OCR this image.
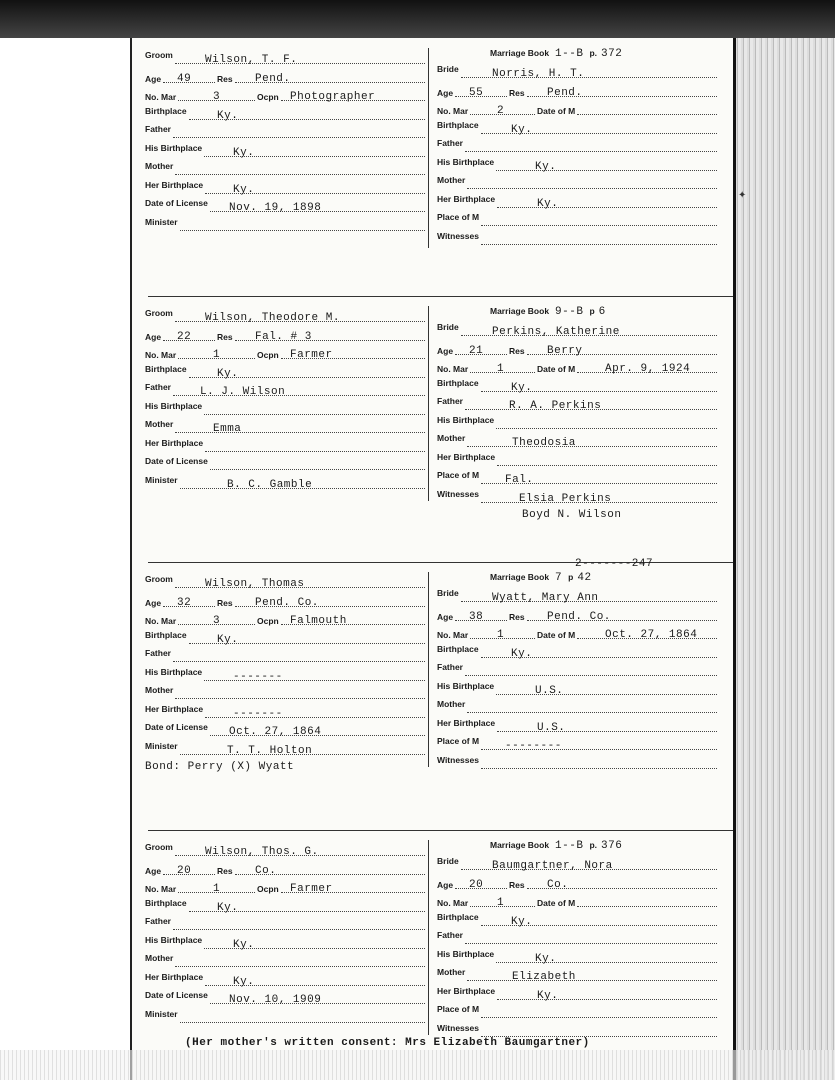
✦
Marriage Book 1--B p. 372
Groom	Wilson, T. F.
Age 49	Res Pend.
No. Mar	3	Ocpn Photographer
Birthplace	Ky.
Father
His Birthplace	Ky.
Mother
Her Birthplace	Ky.
Date of License Nov. 19, 1898
Minister
Bride	Norris, H. T.
Age 55	Res Pend.
No. Mar	2	Date of M
Birthplace	Ky.
Father
His Birthplace	Ky.
Mother
Her Birthplace	Ky.
Place of M
Witnesses
Marriage Book 9--B p 6
Groom	Wilson, Theodore M.
Age 22	Res Fal. # 3
No. Mar	1	Ocpn Farmer
Birthplace	Ky.
Father	L. J. Wilson
His Birthplace
Mother	Emma
Her Birthplace
Date of License
Minister	B. C. Gamble
Bride	Perkins, Katherine
Age 21	Res Berry
No. Mar	1	Date of M	Apr. 9, 1924
Birthplace	Ky.
Father	R. A. Perkins
His Birthplace
Mother	Theodosia
Her Birthplace
Place of M Fal.
Witnesses	Elsia Perkins
Boyd N. Wilson
Marriage Book 7 p 42
2-------247
Groom	Wilson, Thomas
Age 32	Res Pend. Co.
No. Mar	3	Ocpn Falmouth
Birthplace	Ky.
Father
His Birthplace	-------
Mother
Her Birthplace	-------
Date of License Oct. 27, 1864
Minister	T. T. Holton
Bride	Wyatt, Mary Ann
Age 38	Res Pend. Co.
No. Mar	1	Date of M	Oct. 27, 1864
Birthplace	Ky.
Father
His Birthplace	U.S.
Mother
Her Birthplace	U.S.
Place of M --------
Witnesses
Bond: Perry (X) Wyatt
Marriage Book 1--B p. 376
Groom	Wilson, Thos. G.
Age 20	Res Co.
No. Mar	1	Ocpn Farmer
Birthplace	Ky.
Father
His Birthplace	Ky.
Mother
Her Birthplace	Ky.
Date of License Nov. 10, 1909
Minister
Bride	Baumgartner, Nora
Age 20	Res Co.
No. Mar	1	Date of M
Birthplace	Ky.
Father
His Birthplace	Ky.
Mother	Elizabeth
Her Birthplace	Ky.
Place of M
Witnesses
(Her mother's written consent: Mrs Elizabeth Baumgartner)
